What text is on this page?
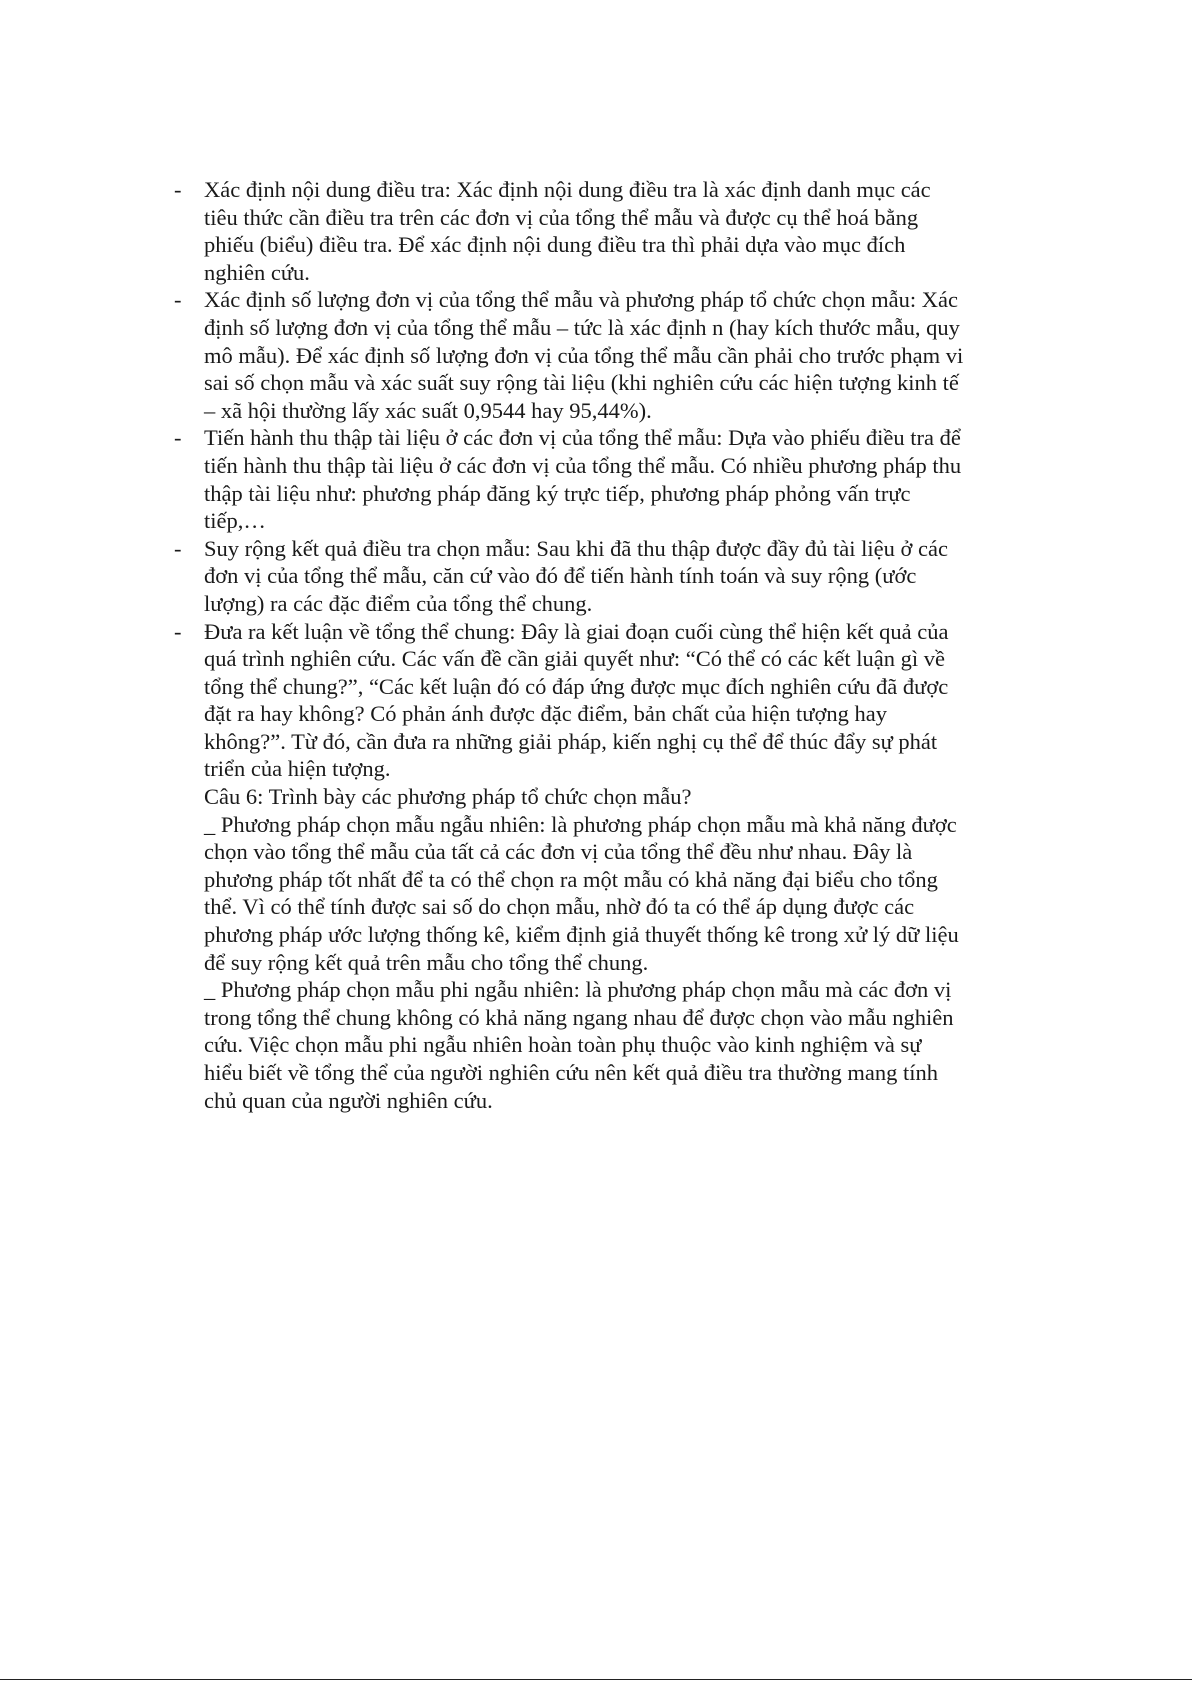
- Xác định nội dung điều tra: Xác định nội dung điều tra là xác định danh mục các tiêu thức cần điều tra trên các đơn vị của tổng thể mẫu và được cụ thể hoá bằng phiếu (biểu) điều tra. Để xác định nội dung điều tra thì phải dựa vào mục đích nghiên cứu.
- Xác định số lượng đơn vị của tổng thể mẫu và phương pháp tổ chức chọn mẫu: Xác định số lượng đơn vị của tổng thể mẫu – tức là xác định n (hay kích thước mẫu, quy mô mẫu). Để xác định số lượng đơn vị của tổng thể mẫu cần phải cho trước phạm vi sai số chọn mẫu và xác suất suy rộng tài liệu (khi nghiên cứu các hiện tượng kinh tế – xã hội thường lấy xác suất 0,9544 hay 95,44%).
- Tiến hành thu thập tài liệu ở các đơn vị của tổng thể mẫu: Dựa vào phiếu điều tra để tiến hành thu thập tài liệu ở các đơn vị của tổng thể mẫu. Có nhiều phương pháp thu thập tài liệu như: phương pháp đăng ký trực tiếp, phương pháp phỏng vấn trực tiếp,…
- Suy rộng kết quả điều tra chọn mẫu: Sau khi đã thu thập được đầy đủ tài liệu ở các đơn vị của tổng thể mẫu, căn cứ vào đó để tiến hành tính toán và suy rộng (ước lượng) ra các đặc điểm của tổng thể chung.
- Đưa ra kết luận về tổng thể chung: Đây là giai đoạn cuối cùng thể hiện kết quả của quá trình nghiên cứu. Các vấn đề cần giải quyết như: “Có thể có các kết luận gì về tổng thể chung?”, “Các kết luận đó có đáp ứng được mục đích nghiên cứu đã được đặt ra hay không? Có phản ánh được đặc điểm, bản chất của hiện tượng hay không?”. Từ đó, cần đưa ra những giải pháp, kiến nghị cụ thể để thúc đẩy sự phát triển của hiện tượng.

Câu 6: Trình bày các phương pháp tổ chức chọn mẫu?

_ Phương pháp chọn mẫu ngẫu nhiên: là phương pháp chọn mẫu mà khả năng được chọn vào tổng thể mẫu của tất cả các đơn vị của tổng thể đều như nhau. Đây là phương pháp tốt nhất để ta có thể chọn ra một mẫu có khả năng đại biểu cho tổng thể. Vì có thể tính được sai số do chọn mẫu, nhờ đó ta có thể áp dụng được các phương pháp ước lượng thống kê, kiểm định giả thuyết thống kê trong xử lý dữ liệu để suy rộng kết quả trên mẫu cho tổng thể chung.

_ Phương pháp chọn mẫu phi ngẫu nhiên: là phương pháp chọn mẫu mà các đơn vị trong tổng thể chung không có khả năng ngang nhau để được chọn vào mẫu nghiên cứu. Việc chọn mẫu phi ngẫu nhiên hoàn toàn phụ thuộc vào kinh nghiệm và sự hiểu biết về tổng thể của người nghiên cứu nên kết quả điều tra thường mang tính chủ quan của người nghiên cứu.
